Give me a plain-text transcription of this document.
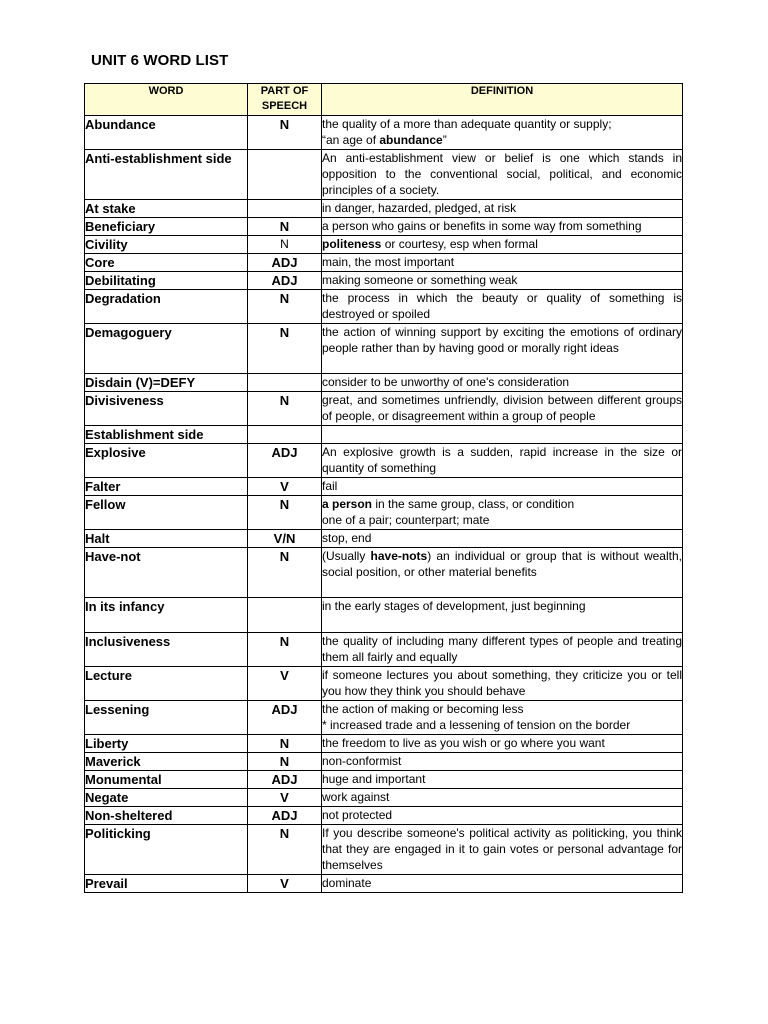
UNIT 6 WORD LIST
WORD	PART OF SPEECH	DEFINITION
Abundance	N	the quality of a more than adequate quantity or supply;
“an age of abundance”

Anti-establishment side		An anti-establishment view or belief is one which stands in opposition to the conventional social, political, and economic principles of a society.
At stake		in danger, hazarded, pledged, at risk
Beneficiary	N	a person who gains or benefits in some way from something
Civility	N	politeness or courtesy, esp when formal
Core	ADJ	main, the most important
Debilitating	ADJ	making someone or something weak
Degradation	N	the process in which the beauty or quality of something is destroyed or spoiled
Demagoguery	N	the action of winning support by exciting the emotions of ordinary people rather than by having good or morally right ideas
Disdain (V)=DEFY		consider to be unworthy of one's consideration
Divisiveness	N	great, and sometimes unfriendly, division between different groups of people, or disagreement within a group of people
Establishment side		
Explosive	ADJ	An explosive growth is a sudden, rapid increase in the size or quantity of something
Falter	V	fail
Fellow	N	a person in the same group, class, or condition
one of a pair; counterpart; mate

Halt	V/N	stop, end
Have-not	N	(Usually have-nots) an individual or group that is without wealth, social position, or other material benefits
In its infancy		in the early stages of development, just beginning
Inclusiveness	N	the quality of including many different types of people and treating them all fairly and equally
Lecture	V	if someone lectures you about something, they criticize you or tell you how they think you should behave
Lessening	ADJ	the action of making or becoming less
* increased trade and a lessening of tension on the border

Liberty	N	the freedom to live as you wish or go where you want
Maverick	N	non-conformist
Monumental	ADJ	huge and important
Negate	V	work against
Non-sheltered	ADJ	not protected
Politicking	N	If you describe someone's political activity as politicking, you think that they are engaged in it to gain votes or personal advantage for themselves
Prevail	V	dominate
